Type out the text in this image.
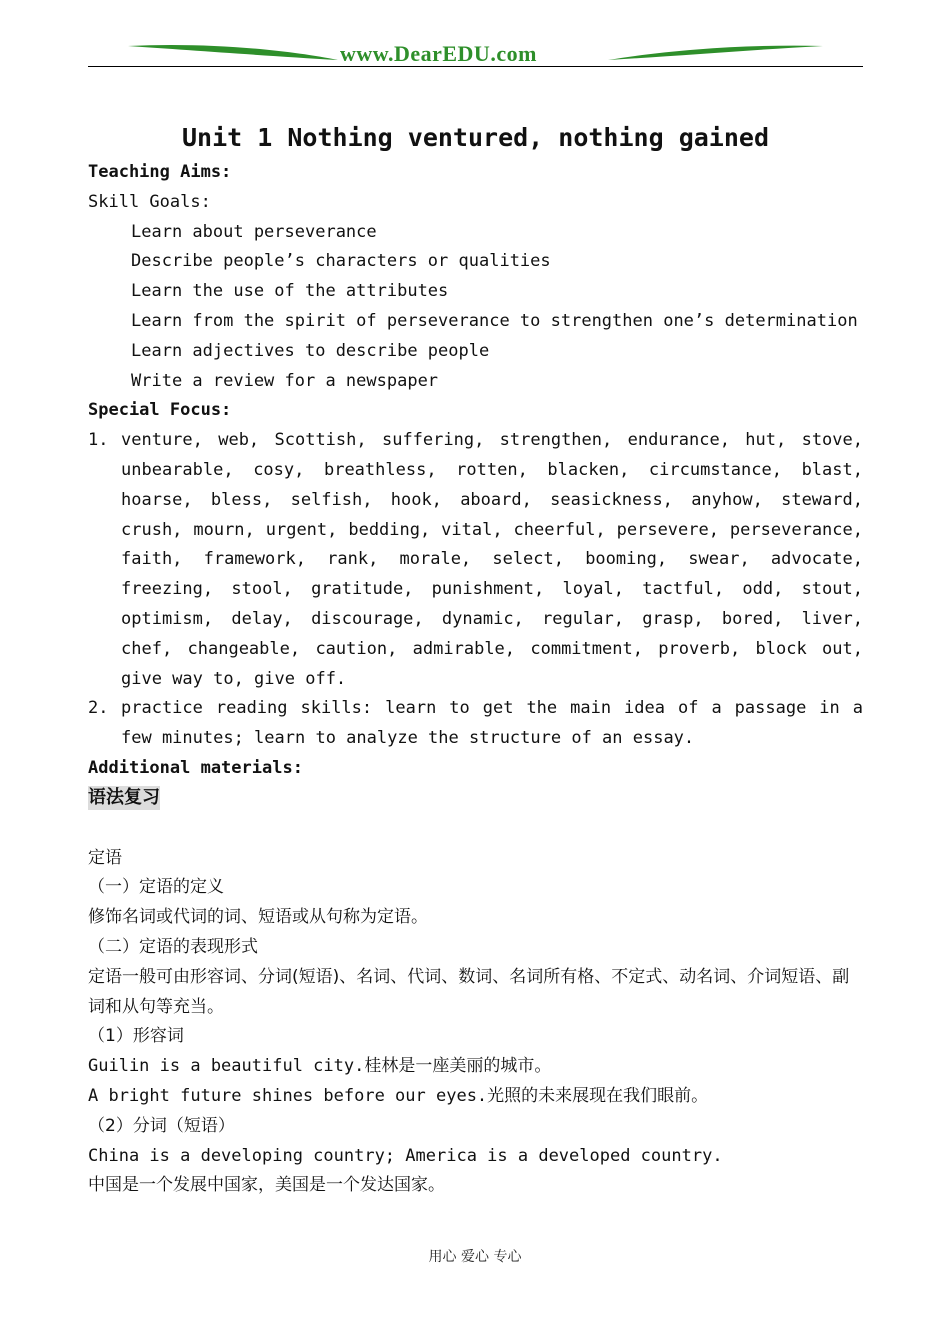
www.DearEDU.com
Unit 1 Nothing ventured, nothing gained
Teaching Aims:
Skill Goals:
Learn about perseverance
Describe people’s characters or qualities
Learn the use of the attributes
Learn from the spirit of perseverance to strengthen one’s determination
Learn adjectives to describe people
Write a review for a newspaper
Special Focus:
1. venture, web, Scottish, suffering, strengthen, endurance, hut, stove, unbearable, cosy, breathless, rotten, blacken, circumstance, blast, hoarse, bless, selfish, hook, aboard, seasickness, anyhow, steward, crush, mourn, urgent, bedding, vital, cheerful, persevere, perseverance, faith, framework, rank, morale, select, booming, swear, advocate, freezing, stool, gratitude, punishment, loyal, tactful, odd, stout, optimism, delay, discourage, dynamic, regular, grasp, bored, liver, chef, changeable, caution, admirable, commitment, proverb, block out, give way to, give off.
2. practice reading skills: learn to get the main idea of a passage in a few minutes; learn to analyze the structure of an essay.
Additional materials:
语法复习
定语
（一）定语的定义
修饰名词或代词的词、短语或从句称为定语。
（二）定语的表现形式
定语一般可由形容词、分词(短语)、名词、代词、数词、名词所有格、不定式、动名词、介词短语、副词和从句等充当。
（1）形容词
Guilin is a beautiful city.桂林是一座美丽的城市。
A bright future shines before our eyes.光照的未来展现在我们眼前。
（2）分词（短语）
China is a developing country; America is a developed country.
中国是一个发展中国家，美国是一个发达国家。
用心 爱心 专心
